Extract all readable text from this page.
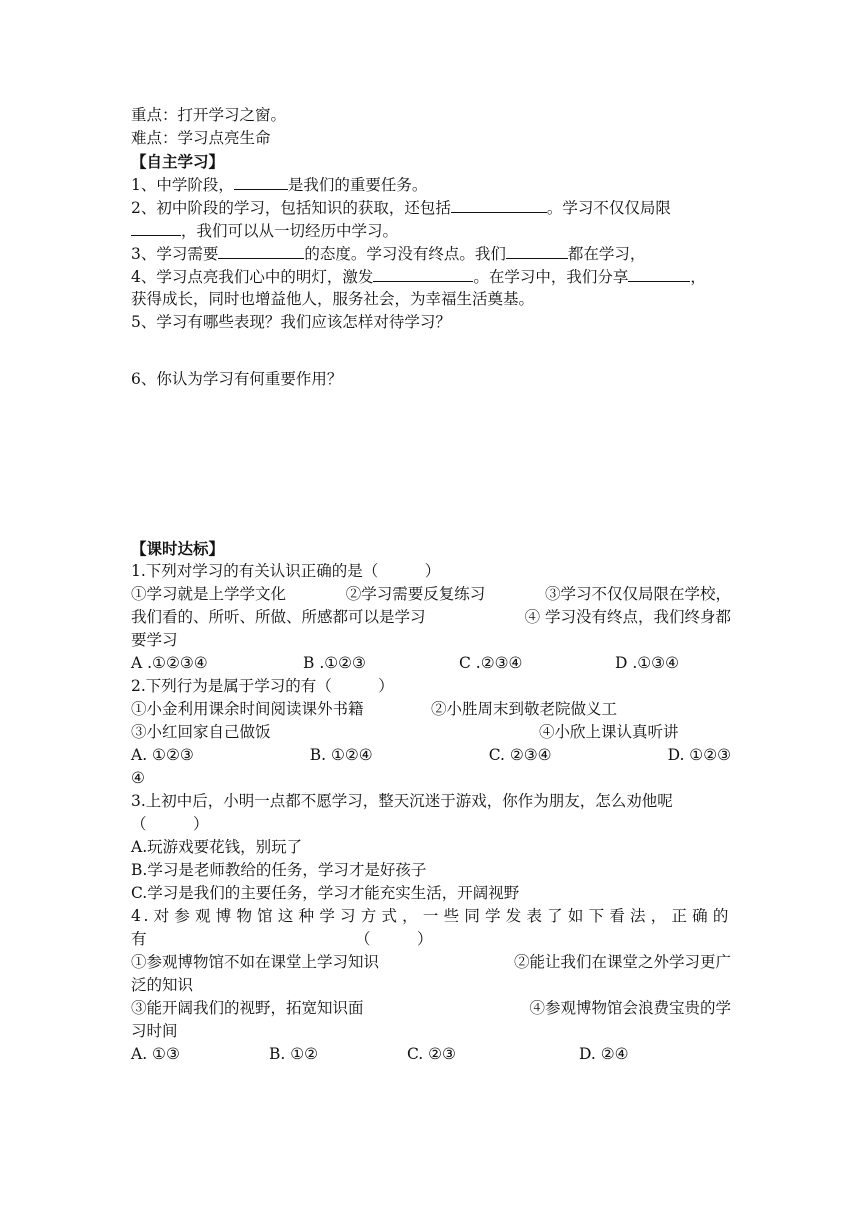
重点：打开学习之窗。
难点：学习点亮生命
【自主学习】
1、中学阶段，	是我们的重要任务。
2、初中阶段的学习，包括知识的获取，还包括	。学习不仅仅局限
，我们可以从一切经历中学习。
3、学习需要	的态度。学习没有终点。我们	都在学习，
4、学习点亮我们心中的明灯，激发	。在学习中，我们分享	，
获得成长，同时也增益他人，服务社会，为幸福生活奠基。
5、学习有哪些表现？我们应该怎样对待学习？
6、你认为学习有何重要作用？
【课时达标】
1.下列对学习的有关认识正确的是（　　　）
①学习就是上学学文化	②学习需要反复练习	③学习不仅仅局限在学校，
我们看的、所听、所做、所感都可以是学习	④ 学习没有终点，我们终身都
要学习
A .①②③④	B .①②③	C .②③④	D .①③④
2.下列行为是属于学习的有（　　　）
①小金利用课余时间阅读课外书籍	②小胜周末到敬老院做义工
③小红回家自己做饭	④小欣上课认真听讲
A. ①②③	B. ①②④	C. ②③④	D. ①②③
④
3.上初中后，小明一点都不愿学习，整天沉迷于游戏，你作为朋友，怎么劝他呢
（　　　）
A.玩游戏要花钱，别玩了
B.学习是老师教给的任务，学习才是好孩子
C.学习是我们的主要任务，学习才能充实生活，开阔视野
4.对参观博物馆这种学习方式，一些同学发表了如下看法，正确的
有	（　　　）
①参观博物馆不如在课堂上学习知识	②能让我们在课堂之外学习更广
泛的知识
③能开阔我们的视野，拓宽知识面	④参观博物馆会浪费宝贵的学
习时间
A. ①③	B. ①②	C. ②③	D. ②④
